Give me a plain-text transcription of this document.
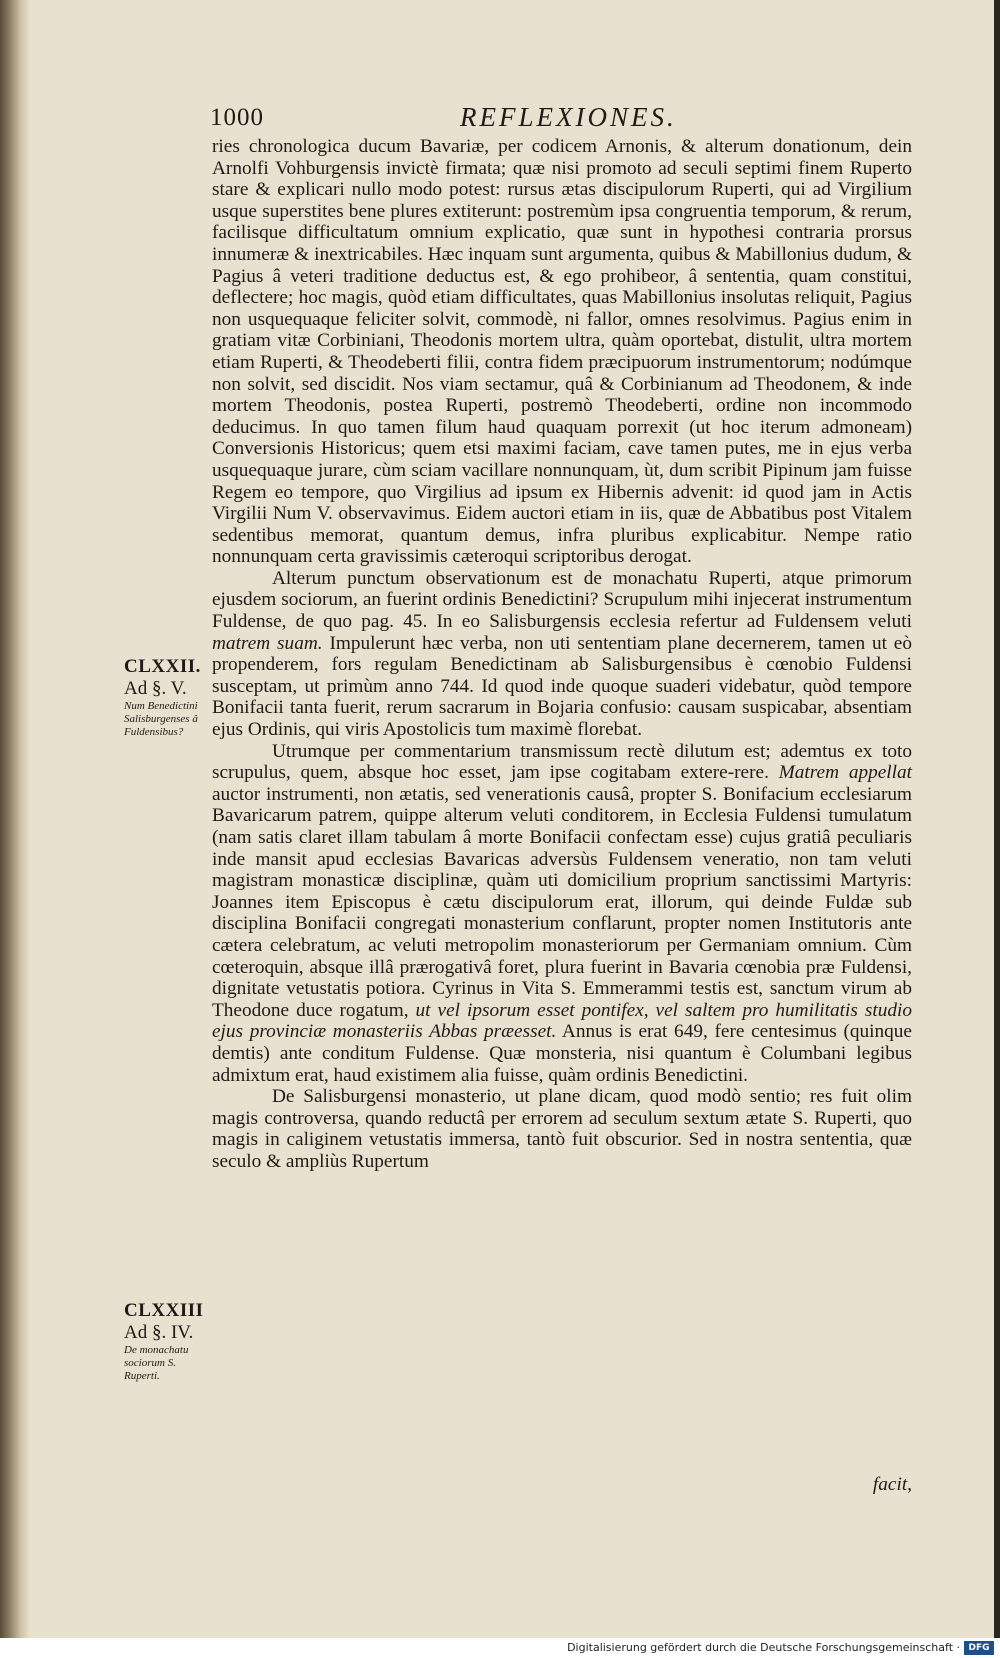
1000	REFLEXIONES.

ries chronologica ducum Bavariæ, per codicem Arnonis, & alterum donationum, dein Arnolfi Vohburgensis invictè firmata; quæ nisi promoto ad seculi septimi finem Ruperto stare & explicari nullo modo potest: rursus ætas discipulorum Ruperti, qui ad Virgilium usque superstites bene plures extiterunt: postremùm ipsa congruentia temporum, & rerum, facilisque difficultatum omnium explicatio, quæ sunt in hypothesi contraria prorsus innumeræ & inextricabiles. Hæc inquam sunt argumenta, quibus & Mabillonius dudum, & Pagius â veteri traditione deductus est, & ego prohibeor, â sententia, quam constitui, deflectere; hoc magis, quòd etiam difficultates, quas Mabillonius insolutas reliquit, Pagius non usquequaque feliciter solvit, commodè, ni fallor, omnes resolvimus. Pagius enim in gratiam vitæ Corbiniani, Theodonis mortem ultra, quàm oportebat, distulit, ultra mortem etiam Ruperti, & Theodeberti filii, contra fidem præcipuorum instrumentorum; nodúmque non solvit, sed discidit. Nos viam sectamur, quâ & Corbinianum ad Theodonem, & inde mortem Theodonis, postea Ruperti, postremò Theodeberti, ordine non incommodo deducimus. In quo tamen filum haud quaquam porrexit (ut hoc iterum admoneam) Conversionis Historicus; quem etsi maximi faciam, cave tamen putes, me in ejus verba usquequaque jurare, cùm sciam vacillare nonnunquam, ùt, dum scribit Pipinum jam fuisse Regem eo tempore, quo Virgilius ad ipsum ex Hibernis advenit: id quod jam in Actis Virgilii Num V. observavimus. Eidem auctori etiam in iis, quæ de Abbatibus post Vitalem sedentibus memorat, quantum demus, infra pluribus explicabitur. Nempe ratio nonnunquam certa gravissimis cæteroqui scriptoribus derogat.

Alterum punctum observationum est de monachatu Ruperti, atque primorum ejusdem sociorum, an fuerint ordinis Benedictini? Scrupulum mihi injecerat instrumentum Fuldense, de quo pag. 45. In eo Salisburgensis ecclesia refertur ad Fuldensem veluti matrem suam. Impulerunt hæc verba, non uti sententiam plane decernerem, tamen ut eò propenderem, fors regulam Benedictinam ab Salisburgensibus è cœnobio Fuldensi susceptam, ut primùm anno 744. Id quod inde quoque suaderi videbatur, quòd tempore Bonifacii tanta fuerit, rerum sacrarum in Bojaria confusio: causam suspicabar, absentiam ejus Ordinis, qui viris Apostolicis tum maximè florebat.

Utrumque per commentarium transmissum rectè dilutum est; ademtus ex toto scrupulus, quem, absque hoc esset, jam ipse cogitabam extere-rere. Matrem appellat auctor instrumenti, non ætatis, sed venerationis causâ, propter S. Bonifacium ecclesiarum Bavaricarum patrem, quippe alterum veluti conditorem, in Ecclesia Fuldensi tumulatum (nam satis claret illam tabulam â morte Bonifacii confectam esse) cujus gratiâ peculiaris inde mansit apud ecclesias Bavaricas adversùs Fuldensem veneratio, non tam veluti magistram monasticæ disciplinæ, quàm uti domicilium proprium sanctissimi Martyris: Joannes item Episcopus è cætu discipulorum erat, illorum, qui deinde Fuldæ sub disciplina Bonifacii congregati monasterium conflarunt, propter nomen Institutoris ante cætera celebratum, ac veluti metropolim monasteriorum per Germaniam omnium. Cùm cœteroquin, absque illâ prærogativâ foret, plura fuerint in Bavaria cœnobia præ Fuldensi, dignitate vetustatis potiora. Cyrinus in Vita S. Emmerammi testis est, sanctum virum ab Theodone duce rogatum, ut vel ipsorum esset pontifex, vel saltem pro humilitatis studio ejus provinciæ monasteriis Abbas præesset. Annus is erat 649, fere centesimus (quinque demtis) ante conditum Fuldense. Quæ monsteria, nisi quantum è Columbani legibus admixtum erat, haud existimem alia fuisse, quàm ordinis Benedictini.

De Salisburgensi monasterio, ut plane dicam, quod modò sentio; res fuit olim magis controversa, quando reductâ per errorem ad seculum sextum ætate S. Ruperti, quo magis in caliginem vetustatis immersa, tantò fuit obscurior. Sed in nostra sententia, quæ seculo & ampliùs Rupertum

CLXXII.
Ad §. V.
Num Benedictini Salisburgenses â Fuldensibus?
CLXXIII
Ad §. IV.
De monachatu sociorum S. Ruperti.
facit,
Digitalisierung gefördert durch die Deutsche Forschungsgemeinschaft · DFG
